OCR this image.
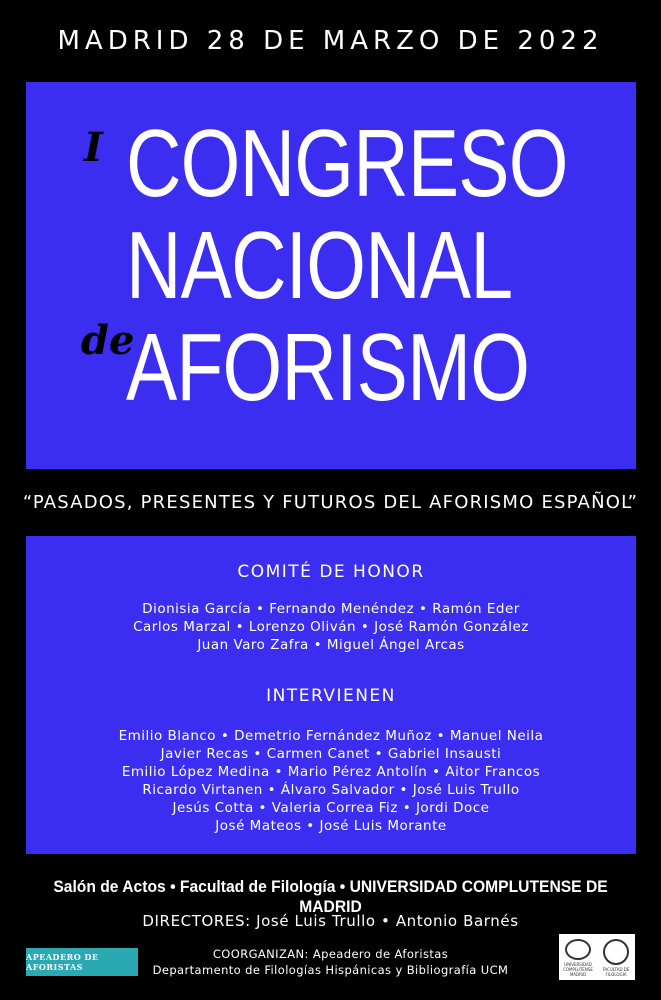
MADRID 28 DE MARZO DE 2022
I CONGRESO
NACIONAL
de
AFORISMO
“PASADOS, PRESENTES Y FUTUROS DEL AFORISMO ESPAÑOL”
COMITÉ DE HONOR
Dionisia García • Fernando Menéndez • Ramón Eder
Carlos Marzal • Lorenzo Oliván • José Ramón González
Juan Varo Zafra • Miguel Ángel Arcas
INTERVIENEN
Emilio Blanco • Demetrio Fernández Muñoz • Manuel Neila
Javier Recas • Carmen Canet • Gabriel Insausti
Emilio López Medina • Mario Pérez Antolín • Aitor Francos
Ricardo Virtanen • Álvaro Salvador • José Luis Trullo
Jesús Cotta • Valeria Correa Fiz • Jordi Doce
José Mateos • José Luis Morante
Salón de Actos • Facultad de Filología • UNIVERSIDAD COMPLUTENSE DE MADRID
DIRECTORES: José Luis Trullo • Antonio Barnés
APEADERO DE AFORISTAS
COORGANIZAN: Apeadero de Aforistas
Departamento de Filologías Hispánicas y Bibliografía UCM	UNIVERSIDAD COMPLUTENSE MADRID
FACULTAD DE FILOLOGÍA
